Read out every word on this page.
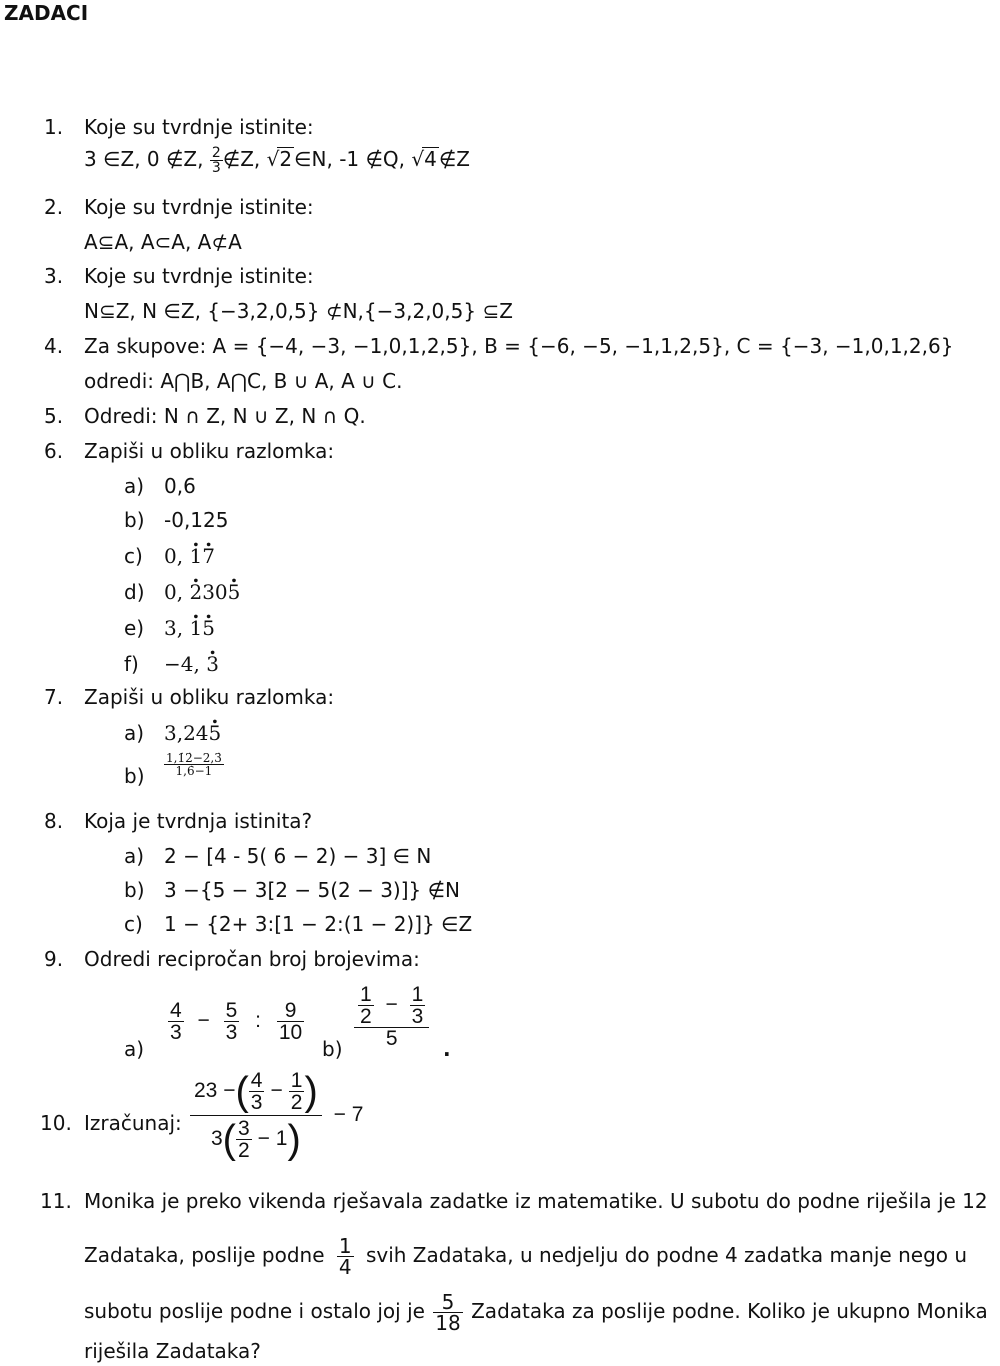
ZADACI
1.	Koje su tvrdnje istinite:
3 ∈Z, 0 ∉Z, $\frac{2}{3}$ ∉Z, √2 ∈N, -1 ∉Q, √4 ∉Z
2.	Koje su tvrdnje istinite:
A⊆A, A⊂A, A⊄A
3.	Koje su tvrdnje istinite:
N⊆Z, N ∈Z, {−3,2,0,5} ⊄N,{−3,2,0,5} ⊆Z
4.	Za skupove: A = {−4, −3, −1,0,1,2,5}, B = {−6, −5, −1,1,2,5}, C = {−3, −1,0,1,2,6}
odredi: A⋂B, A⋂C, B ∪ A, A ∪ C.
5.	Odredi: N ∩ Z, N ∪ Z, N ∩ Q.
6.	Zapiši u obliku razlomka:
a) 0,6
b) -0,125
c) 0, . 1. 7
d) 0, . 230. 5
e) 3, . 1. 5
f) −4, . 3
7.	Zapiši u obliku razlomka:
a) 3,24. 5
$b) \frac{1,1̇2̇-2,3̇}{1,6̇-1}$
8.	Koja je tvrdnja istinita?
a) 2 − [4 - 5( 6 − 2) − 3] ∈ N
b) 3 −{5 − 3[2 − 5(2 − 3)]} ∉N
c) 1 − {2+ 3:[1 − 2:(1 − 2)]} ∈Z
9.	Odredi recipročan broj brojevima:
a)
$\frac{4}{3} - \frac{5}{3}$ : $\frac{9}{10}$
$b) \frac{\frac{1}{2} - \frac{1}{3}}{5}$ .
10. Izračunaj: $\frac{23 -( \frac{4}{3} - \frac{1}{2} )}{3( \frac{3}{2} - 1)} - 7$
11. Monika je preko vikenda rješavala zadatke iz matematike. U subotu do podne riješila je 12
Zadataka, poslije podne $\frac{1}{4}$ svih Zadataka, u nedjelju do podne 4 zadatka manje nego u
subotu poslije podne i ostalo joj je $\frac{5}{18}$ Zadataka za poslije podne. Koliko je ukupno Monika
riješila Zadataka?
